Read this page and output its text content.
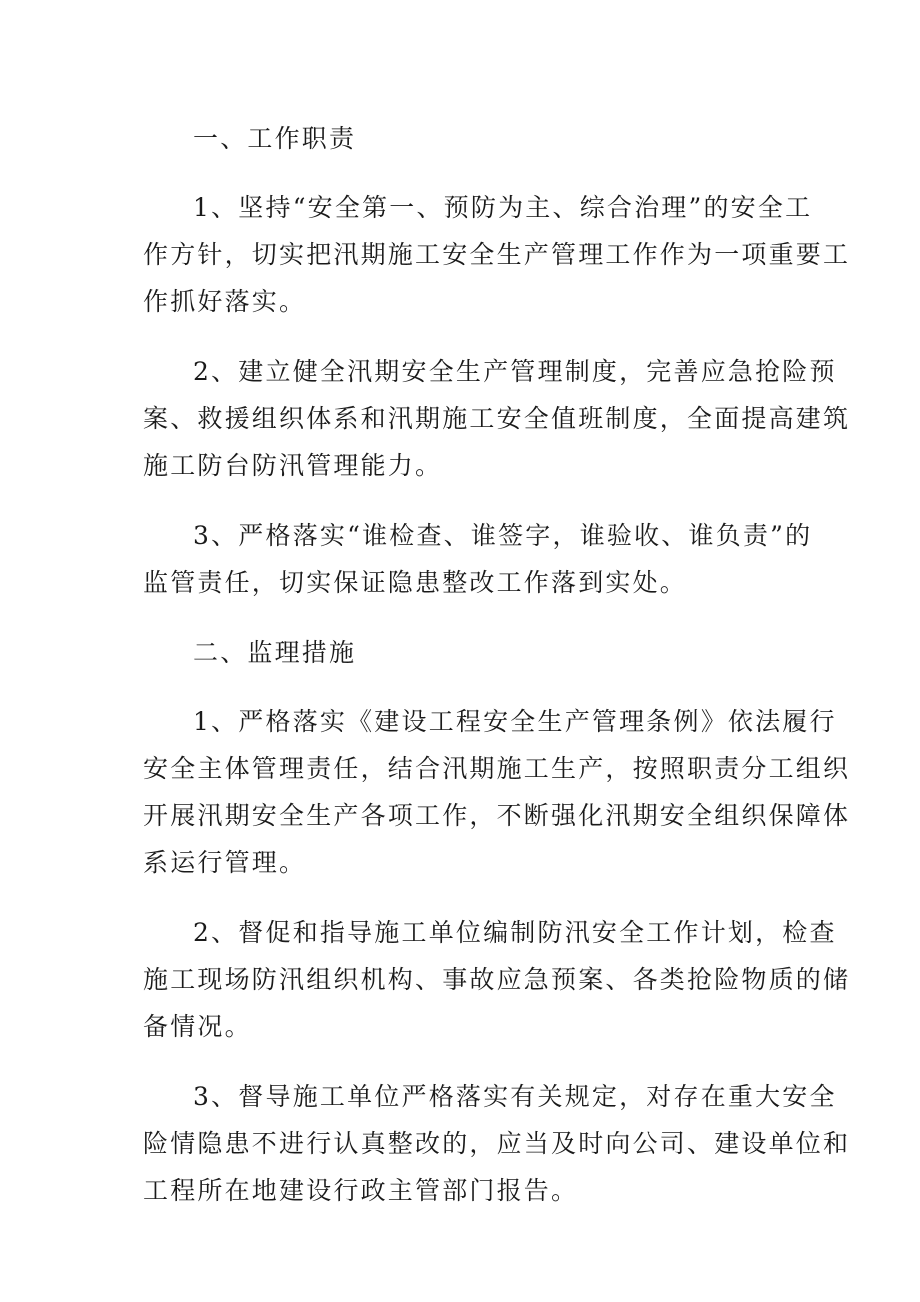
一、工作职责
1、坚持“安全第一、预防为主、综合治理”的安全工
作方针，切实把汛期施工安全生产管理工作作为一项重要工
作抓好落实。
2、建立健全汛期安全生产管理制度，完善应急抢险预
案、救援组织体系和汛期施工安全值班制度，全面提高建筑
施工防台防汛管理能力。
3、严格落实“谁检查、谁签字，谁验收、谁负责”的
监管责任，切实保证隐患整改工作落到实处。
二、监理措施
1、严格落实《建设工程安全生产管理条例》依法履行
安全主体管理责任，结合汛期施工生产，按照职责分工组织
开展汛期安全生产各项工作，不断强化汛期安全组织保障体
系运行管理。
2、督促和指导施工单位编制防汛安全工作计划，检查
施工现场防汛组织机构、事故应急预案、各类抢险物质的储
备情况。
3、督导施工单位严格落实有关规定，对存在重大安全
险情隐患不进行认真整改的，应当及时向公司、建设单位和
工程所在地建设行政主管部门报告。
